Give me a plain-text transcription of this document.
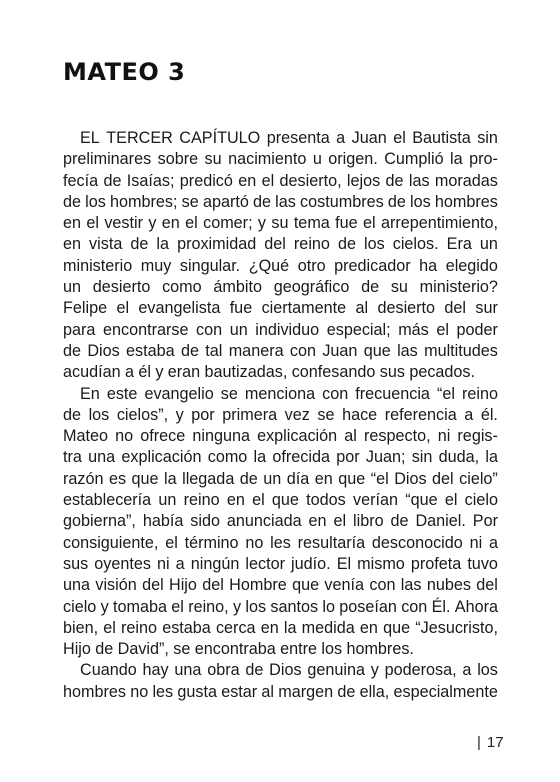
MATEO 3
EL TERCER CAPÍTULO presenta a Juan el Bautista sin
preliminares sobre su nacimiento u origen. Cumplió la pro-
fecía de Isaías; predicó en el desierto, lejos de las moradas
de los hombres; se apartó de las costumbres de los hombres
en el vestir y en el comer; y su tema fue el arrepentimiento,
en vista de la proximidad del reino de los cielos. Era un
ministerio muy singular. ¿Qué otro predicador ha elegido
un desierto como ámbito geográfico de su ministerio?
Felipe el evangelista fue ciertamente al desierto del sur
para encontrarse con un individuo especial; más el poder
de Dios estaba de tal manera con Juan que las multitudes
acudían a él y eran bautizadas, confesando sus pecados.
En este evangelio se menciona con frecuencia “el reino
de los cielos”, y por primera vez se hace referencia a él.
Mateo no ofrece ninguna explicación al respecto, ni regis-
tra una explicación como la ofrecida por Juan; sin duda, la
razón es que la llegada de un día en que “el Dios del cielo”
establecería un reino en el que todos verían “que el cielo
gobierna”, había sido anunciada en el libro de Daniel. Por
consiguiente, el término no les resultaría desconocido ni a
sus oyentes ni a ningún lector judío. El mismo profeta tuvo
una visión del Hijo del Hombre que venía con las nubes del
cielo y tomaba el reino, y los santos lo poseían con Él. Ahora
bien, el reino estaba cerca en la medida en que “Jesucristo,
Hijo de David”, se encontraba entre los hombres.
Cuando hay una obra de Dios genuina y poderosa, a los
hombres no les gusta estar al margen de ella, especialmente
| 17
